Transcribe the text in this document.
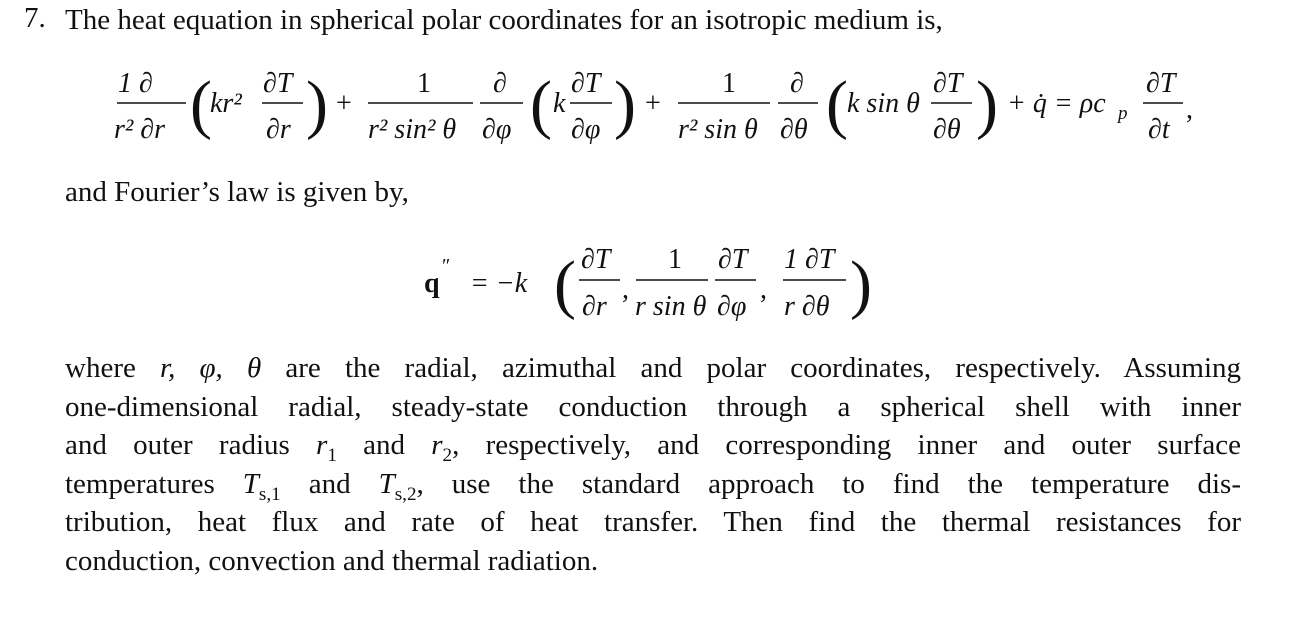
7. The heat equation in spherical polar coordinates for an isotropic medium is,
1 ∂
r² ∂r (
kr²
∂T
∂r ) +
1
r² sin² θ
∂
∂φ ( k
∂T
∂φ ) +
1
r² sin θ
∂
∂θ ( k sin θ
∂T
∂θ ) + q̇ = ρc p
∂T
∂t
,
q
″
= −k ( ∂T
∂r
,
1
r sin θ
∂T
∂φ
,
1 ∂T
r ∂θ )
and Fourier’s law is given by,
where r, φ, θ are the radial, azimuthal and polar coordinates, respectively. Assuming
one-dimensional radial, steady-state conduction through a spherical shell with inner
and outer radius $r_1$ and $r_2$, respectively, and corresponding inner and outer surface
temperatures $T_{s,1}$ and $T_{s,2}$, use the standard approach to find the temperature dis-
tribution, heat flux and rate of heat transfer. Then find the thermal resistances for
conduction, convection and thermal radiation.
